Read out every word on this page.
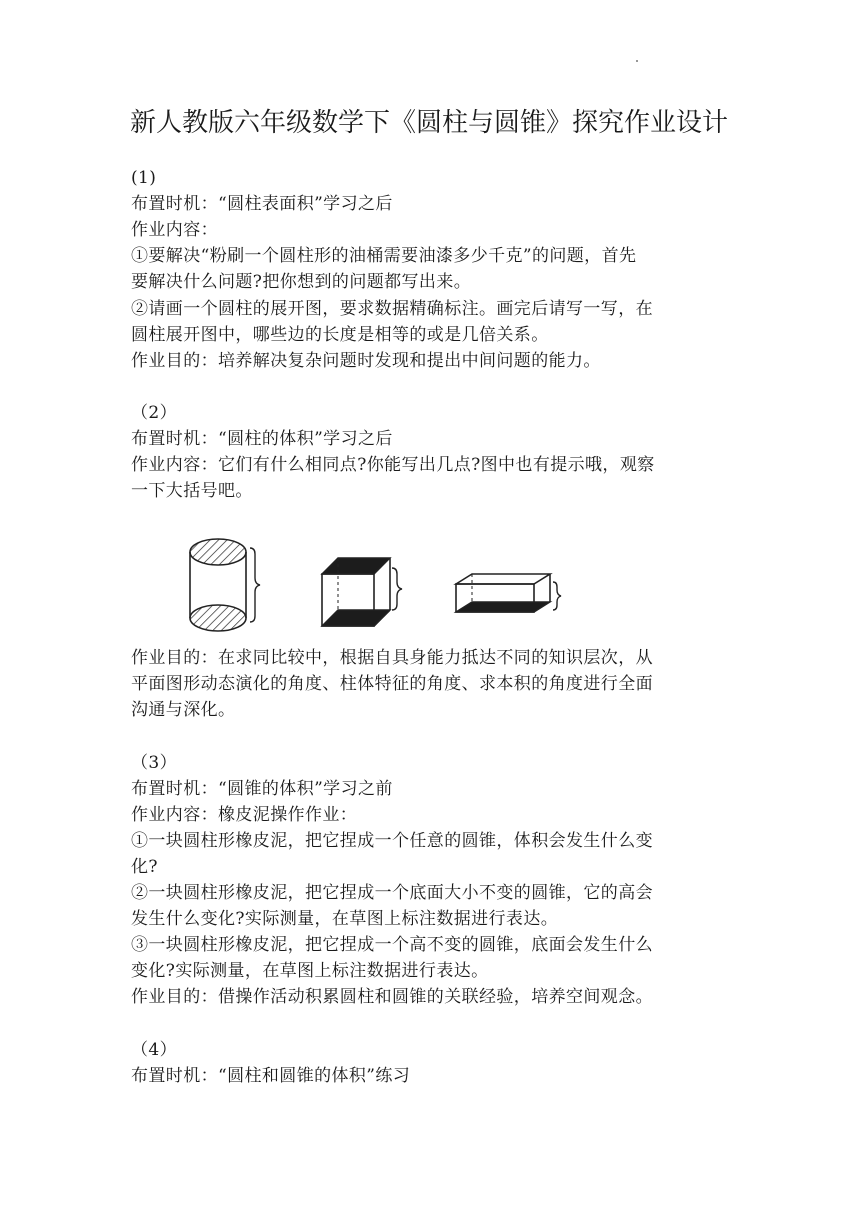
新人教版六年级数学下《圆柱与圆锥》探究作业设计
(1)
布置时机：“圆柱表面积”学习之后
作业内容：
①要解决“粉刷一个圆柱形的油桶需要油漆多少千克”的问题，首先
要解决什么问题?把你想到的问题都写出来。
②请画一个圆柱的展开图，要求数据精确标注。画完后请写一写，在
圆柱展开图中，哪些边的长度是相等的或是几倍关系。
作业目的：培养解决复杂问题时发现和提出中间问题的能力。
（2）
布置时机：“圆柱的体积”学习之后
作业内容：它们有什么相同点?你能写出几点?图中也有提示哦，观察
一下大括号吧。
作业目的：在求同比较中，根据自具身能力抵达不同的知识层次，从
平面图形动态演化的角度、柱体特征的角度、求本积的角度进行全面
沟通与深化。
（3）
布置时机：“圆锥的体积”学习之前
作业内容：橡皮泥操作作业：
①一块圆柱形橡皮泥，把它捏成一个任意的圆锥，体积会发生什么变
化?
②一块圆柱形橡皮泥，把它捏成一个底面大小不变的圆锥，它的高会
发生什么变化?实际测量，在草图上标注数据进行表达。
③一块圆柱形橡皮泥，把它捏成一个高不变的圆锥，底面会发生什么
变化?实际测量，在草图上标注数据进行表达。
作业目的：借操作活动积累圆柱和圆锥的关联经验，培养空间观念。
（4）
布置时机：“圆柱和圆锥的体积”练习
